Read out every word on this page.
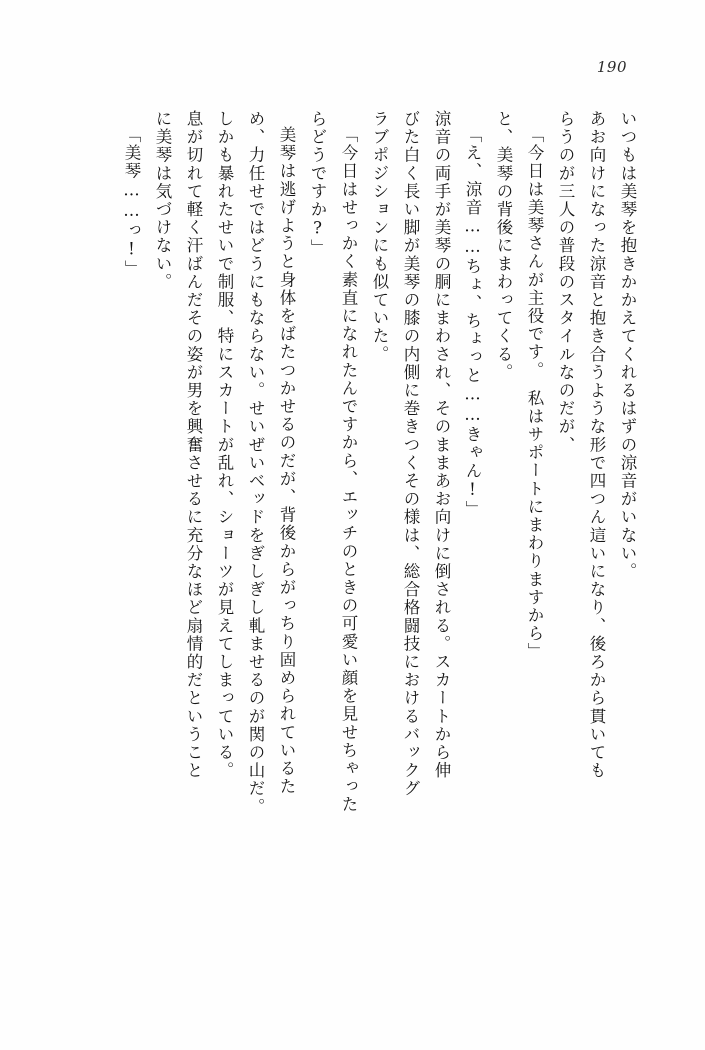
190
いつもは美琴を抱きかかえてくれるはずの涼音がいない。
あお向けになった涼音と抱き合うような形で四つん這いになり、後ろから貫いても
らうのが三人の普段のスタイルなのだが、
「今日は美琴さんが主役です。　私はサポートにまわりますから」
と、美琴の背後にまわってくる。
「え、涼音……ちょ、ちょっと……きゃん!」
涼音の両手が美琴の胴にまわされ、そのままあお向けに倒される。スカートから伸
びた白く長い脚が美琴の膝の内側に巻きつくその様は、総合格闘技におけるバックグ
ラブポジションにも似ていた。
「今日はせっかく素直になれたんですから、エッチのときの可愛い顔を見せちゃった
らどうですか?」
美琴は逃げようと身体をばたつかせるのだが、背後からがっちり固められているた
め、力任せではどうにもならない。せいぜいベッドをぎしぎし軋ませるのが関の山だ。
しかも暴れたせいで制服、特にスカートが乱れ、ショーツが見えてしまっている。
息が切れて軽く汗ばんだその姿が男を興奮させるに充分なほど扇情的だということ
に美琴は気づけない。
「美琴……っ!」
